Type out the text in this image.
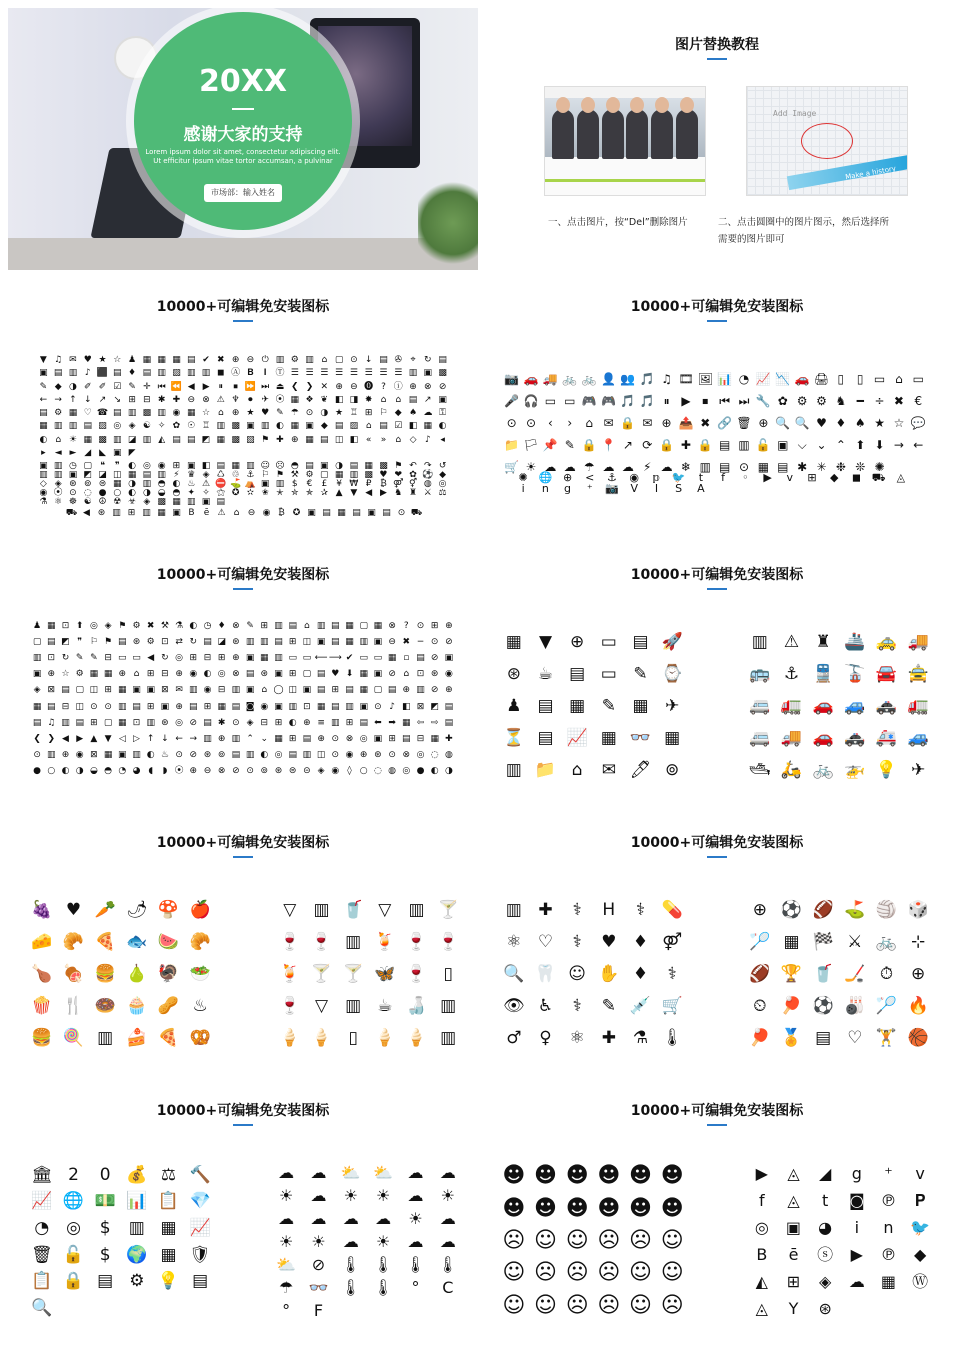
20XX
感谢大家的支持
Lorem ipsum dolor sit amet, consectetur adipiscing elit. Ut efficitur ipsum vitae tortor accumsan, a pulvinar
市场部：输入姓名
图片替换教程
Add Image
Make a history
一、点击图片，按“Del”删除图片	二、点击圆圈中的图片图示，然后选择所需要的图片即可
10000+可编辑免安装图标
▼ ♫ ✉ ♥ ★ ☆ ♟ ▦ ▦ ▦ ▤ ✔ ✖ ⊕ ⊖ ⏻ ▥ ⚙ ▥ ⌂ ▢ ⊙ ↓ ▤ ✇ ⌖ ↻ ▤
▣ ▤ ▥ ♪ ⬛ ▤ ♦ ▤ ▥ ▨ ▥ ▥ ◼ Ⓐ 𝐁 𝐈 Ⓣ ☰ ☰ ☰ ☰ ☰ ☰ ☰ ☰ ▥ ▣ ▩
✎ ◆ ◑ ✐ ✐ ☑ ✎ ✛ ⏮ ⏪ ◀ ▶ ⏸ ⏹ ⏩ ⏭ ⏏ ❮ ❯ ✕ ⊕ ⊖ ⓿ ? ⓘ ⊕ ⊗ ⊘
← → ↑ ↓ ↗ ↘ ⊞ ⊟ ✱ ✚ ⊖ ⊗ ⚠ ♆ ⏺ ✈ ⦿ ▦ ❖ ❦ ◧ ◨ ✸ ⌂ ⌂ ▤ ↗ ▣
▤ ⚙ ▦ ♡ ☎ ▤ ▥ ▩ ▥ ◉ ▦ ☆ ⌂ ⊕ ★ ♥ ✎ ☂ ⊙ ◑ ★ ♖ ⊞ ⚐ ◆ ♠ ☁ ⚿
▦ ▥ ▥ ▤ ▨ ◎ ◈ ☯ ✧ ✿ ☉ ♖ ▥ ▩ ▣ ▥ ◐ ▦ ▣ ◆ ▤ ▨ ⌂ ▤ ☑ ◧ ▦ ◐
◐ ⌂ ☀ ▦ ▩ ▥ ◪ ▥ ◭ ▤ ▤ ◩ ▦ ▩ ▧ ⚑ ✚ ⊕ ▦ ▤ ◫ ◧ « » ⌂ ◇ ♪ ◂
▸ ◄ ► ◢ ◣ ▣ ◤
▣ ▥ ◷ ▢ ❝ ❞ ◐ ◎ ◉ ⊞ ▣ ◧ ▤ ▦ ▥ ☺ ☹ ◓ ▤ ▣ ◑ ▤ ▦ ▩ ⚑ ↶ ↷ ↺
▥ ▥ ▣ ◩ ◪ ◫ ▦ ▤ ▥ ⚡ ♛ ◈ ♺ ♲ ⚓ ⚐ ⚑ ⚒ ⚙ ▢ ▦ ▥ ▩ ♥ ❤ ✿ ⚽ ◆
◇ ◈ ⊛ ⊚ ⊜ ▦ ◑ ▥ ◓ ◐ ♨ ⚠ ⛔ ⛳ ⛺ ▣ ▥ $ € £ ¥ ₩ ₽ ₿ ⚤ ⚥ ◍ ◎
◉ ⦿ ⊙ ◌ ● ○ ◐ ◑ ◒ ◓ ✦ ✧ ⚝ ✪ ✫ ✬ ✭ ✮ ✯ ✰ ▲ ▼ ◀ ▶ ♞ ♜ ⚔ ⚖
⚗ ⚛ ☸ ☯ ☮ ☢ ☣ ◈ ▩ ▦ ▥ ▣ ▤
⛟ ◀ ⊛ ▥ ⊞ ▥ ▦ ▣ B ē ⚠ ⌂ ⊖ ◉ ₿ ✪ ▣ ▤ ▦ ▤ ▣ ▤ ⊙ ⛟
10000+可编辑免安装图标
📷 🚗 🚚 🚲 🚲 👤 👥 🎵 ♫ 🎞 🖼 📊 ◔ 📈 📉 🚗 🖨 ▯ ▯ ▭ ⌂ ▭
🎤 🎧 ▭ ▭ 🎮 🎮 🎵 🎵 ⏸ ▶ ⏹ ⏮ ⏭ 🔧 ✿ ⚙ ⚙ ♞ ━ ÷ ✖ €
⊙ ⊙ ‹ › ⌂ ✉ 🔒 ✉ ⊕ 📤 ✖ 🔗 🗑 ⊕ 🔍 🔍 ♥ ♦ ♠ ★ ☆ 💬
📁 🏳 📌 ✎ 🔒 📍 ↗ ⟳ 🔒 ✚ 🔒 ▤ ▥ 🔓 ▣ ⌵ ⌄ ⌃ ⬆ ⬇ → ←
🛒 ☀ ☁ ☁ ☂ ☁ ☁ ⚡ ☁ ❄ ▥ ▤ ⊙ ▦ ▤ ✱ ✳ ❉ ❊ ✺
✺ 🌐 ⊕ < ⚓ ◉ 𝕡 🐦 t f ◦ ▶ v ⊞ ◆ ◼ ⛟ ◬
i n g ⁺ 📷 V I S A
10000+可编辑免安装图标
♟ ▦ ⊡ ⬆ ◎ ◈ ⚑ ⚙ ✖ ⚒ ⚗ ◐ ◷ ♦ ⊗ ✎ ⊞ ▥ ▤ ⌂ ▥ ▤ ▦ ▢ ▦ ⊗ ? ⊙ ⊞ ⊕
▢ ▤ ◩ ❞ ⚐ ⚑ ▤ ⊛ ⚙ ⊡ ⇄ ↻ ▤ ◪ ⊛ ▥ ▥ ▤ ⊞ ◫ ▣ ▤ ▦ ▥ ▣ ⊖ ✖ − ⊙ ⊘
▥ ⊡ ↻ ✎ ✎ ⊟ ▭ ▭ ◀ ↻ ◎ ⊞ ⊟ ⊞ ⊕ ▣ ▦ ▥ ▭ ▭ ⟵ ⟶ ✔ ▭ ▭ ▦ ▫ ▤ ⊘ ▣
▣ ⊕ ☆ ⚙ ▦ ▦ ⊕ ⌂ ⊞ ⊟ ⊕ ◉ ◐ ◎ ⊗ ▤ ⊛ ▣ ⊞ ▢ ▤ ♥ ⬇ ▦ ▣ ⊘ ⌂ ⊡ ⊛ ◉
◈ ⊠ ▤ ▢ ◫ ⊞ ▦ ▣ ▣ ⊠ ✉ ▥ ◉ ⊟ ▥ ▣ ⌂ ◯ ◫ ▣ ▤ ⊞ ▤ ▦ ▢ ▤ ⊕ ▥ ⊘ ⊕
▦ ▤ ⊟ ◫ ⊙ ⊙ ▥ ▤ ⊞ ▣ ⊕ ▤ ⊞ ▦ ▤ ◙ ◉ ▣ ▥ ⊡ ▦ ▤ ▥ ▣ ⊙ ♪ ◧ ⊠ ◩ ▤
▤ ♫ ▥ ▤ ⊞ ▢ ▦ ⊡ ▥ ⊛ ◎ ⊘ ▤ ✱ ⊙ ◈ ⊟ ⊞ ◐ ⊕ ≡ ▥ ⊞ ▤ ⬅ ➡ ▦ ⇦ ⇨ ▤
❮ ❯ ◀ ▶ ▲ ▼ ◁ ▷ ↑ ↓ ← → ▥ ⊕ ▥ ⌃ ⌄ ▦ ⊞ ▤ ⊕ ⊙ ⊗ ◎ ▣ ⊞ ▤ ⊟ ▦ ✚
⊙ ▥ ⊕ ◉ ⊠ ▦ ▣ ▥ ◐ ♨ ⊙ ⊘ ⊛ ⊚ ▤ ▥ ◐ ◎ ▤ ▥ ◫ ⊙ ◉ ⊕ ⊛ ⊙ ⊗ ◎ ◌ ◍
● ○ ◐ ◑ ◒ ◓ ◔ ◕ ◖ ◗ ⦿ ⊕ ⊖ ⊗ ⊘ ⊙ ⊚ ⊛ ⊜ ⊝ ◈ ◉ ◊ ○ ◌ ◍ ◎ ● ◐ ◑
10000+可编辑免安装图标
▦ ▼ ⊕ ▭ ▤ 🚀
⊛ ☕ ▤ ▭ ✎ ⌚
♟ ▤ ▦ ✎ ▦ ✈
⏳ ▤ 📈 ▦ 👓 ▦
▥ 📁 ⌂ ✉ 🖊 ⊚
▥ ⚠ ♜ 🚢 🚕 🚚
🚌 ⚓ 🚆 🚡 🚘 🚖
🚐 🚛 🚗 🚙 🚓 🚛
🚐 🚚 🚗 🚓 🚑 🚙
🛥 🛵 🚲 🚁 💡 ✈
10000+可编辑免安装图标
🍇 ♥ 🥕 🌶 🍄 🍎
🧀 🥐 🍕 🐟 🍉 🥐
🍗 🍖 🍔 🍐 🦃 🥗
🍿 🍴 🍩 🧁 🥜 ♨
🍔 🍭 ▥ 🍰 🍕 🥨
▽ ▥ 🥤 ▽ ▥ 🍸
🍷 🍷 ▥ 🍹 🍷 🍷
🍹 🍸 🍸 🦋 🍷 ▯
🍷 ▽ ▥ ☕ 🍶 ▥
🍦 🍦 ▯ 🍦 🍦 ▥
10000+可编辑免安装图标
▥ ✚ ⚕ H ⚕ 💊
⚛ ♡ ⚕ ♥ ♦ ⚤
🔍 🦷 ☺ ✋ ♦ ⚕
👁 ♿ ⚕ ✎ 💉 🛒
♂ ♀ ⚛ ✚ ⚗ 🌡
⊕ ⚽ 🏈 ⛳ 🏐 🎲
🏸 ▦ 🏁 ⚔ 🚲 ⊹
🏈 🏆 🥤 🏒 ⏱ ⊕
⏲ 🏓 ⚽ 🎳 🏸 🔥
🏓 🏅 ▤ ♡ 🏋 🏀
10000+可编辑免安装图标
🏛 2 0 💰 ⚖ 🔨
📈 🌐 💵 📊 📋 💎
◔ ◎ $ ▥ ▦ 📈
🗑 🔓 $ 🌍 ▦ 🛡
📋 🔒 ▤ ⚙ 💡 ▤
🔍
☁ ☁ ⛅ ⛅ ☁ ☁
☀ ☁ ☀ ☀ ☁ ☀
☁ ☁ ☁ ☁ ☀ ☁
☀ ☀ ☁ ☀ ☁ ☁
⛅ ⊘ 🌡 🌡 🌡 🌡
☂ 👓 🌡 🌡 ° C
° F
10000+可编辑免安装图标
☻ ☻ ☻ ☻ ☻ ☻
☻ ☻ ☻ ☻ ☻ ☻
☹ ☺ ☺ ☹ ☹ ☺
☺ ☹ ☹ ☹ ☺ ☺
☺ ☺ ☹ ☹ ☺ ☹
▶ ◬ ◢ g ⁺ v
f ◬ t ◙ ℗ 𝐏
◎ ▣ ◕ i n 🐦
B ē ⓢ ▶ ℗ ◆
◭ ⊞ ◈ ☁ ▦ Ⓦ
◬ Y ⊛
